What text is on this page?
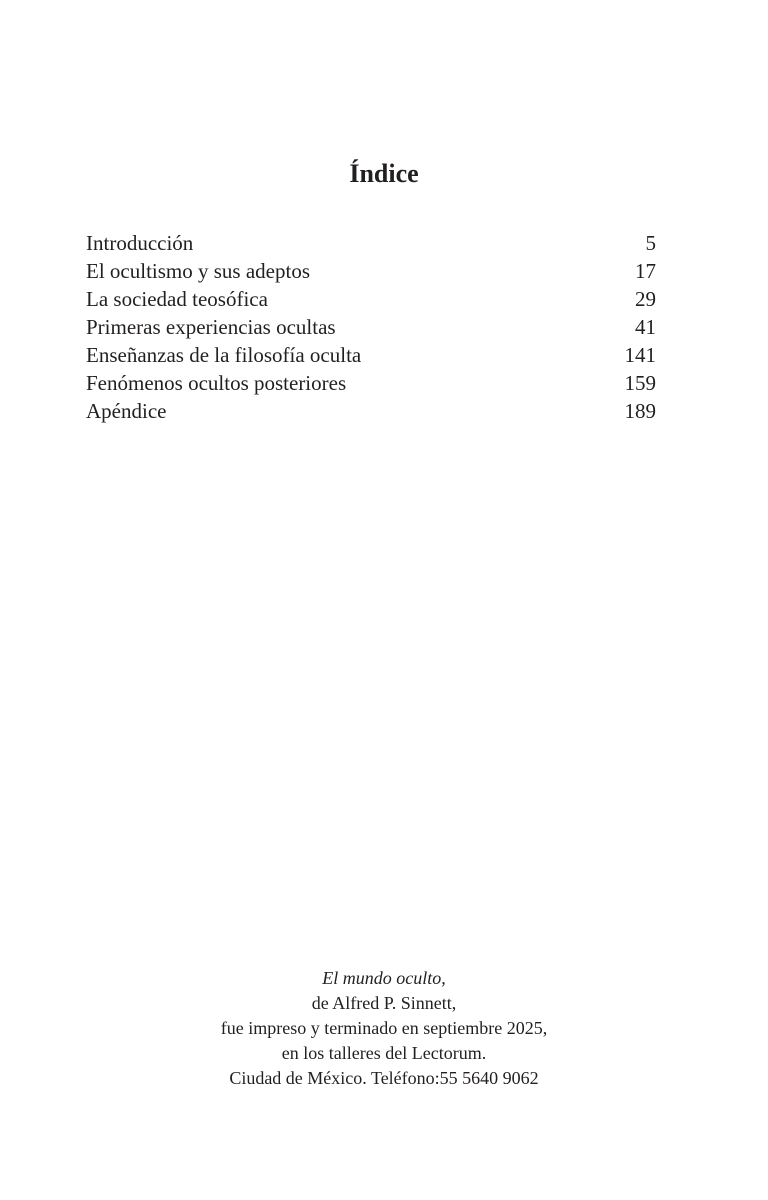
Índice
Introducción	5
El ocultismo y sus adeptos	17
La sociedad teosófica	29
Primeras experiencias ocultas	41
Enseñanzas de la filosofía oculta	141
Fenómenos ocultos posteriores	159
Apéndice	189
El mundo oculto,
de Alfred P. Sinnett,
fue impreso y terminado en septiembre 2025,
en los talleres del Lectorum.
Ciudad de México. Teléfono:55 5640 9062
